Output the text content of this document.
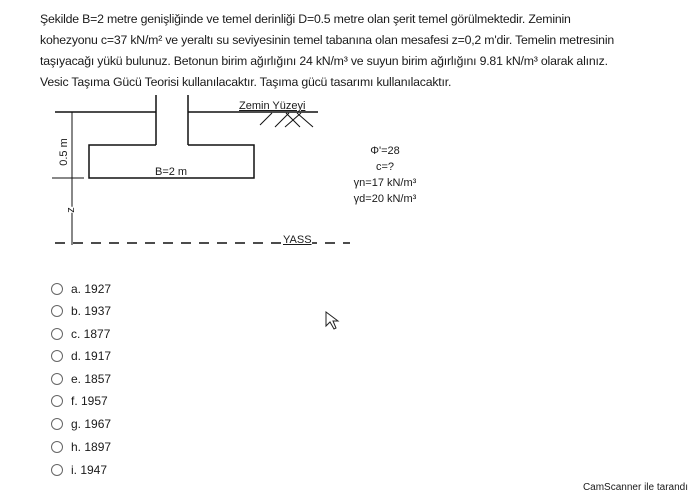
Şekilde B=2 metre genişliğinde ve temel derinliği D=0.5 metre olan şerit temel görülmektedir. Zeminin

kohezyonu c=37 kN/m² ve yeraltı su seviyesinin temel tabanına olan mesafesi z=0,2 m'dir. Temelin metresinin

taşıyacağı yükü bulunuz. Betonun birim ağırlığını 24 kN/m³ ve suyun birim ağırlığını 9.81 kN/m³ olarak alınız.

Vesic Taşıma Gücü Teorisi kullanılacaktır. Taşıma gücü tasarımı kullanılacaktır.

Zemin Yüzeyi
0.5 m
z
B=2 m
YASS
Φ'=28
c=?
γn=17 kN/m³
γd=20 kN/m³
a. 1927
b. 1937
c. 1877
d. 1917
e. 1857
f. 1957
g. 1967
h. 1897
i. 1947
CamScanner ile tarandı
